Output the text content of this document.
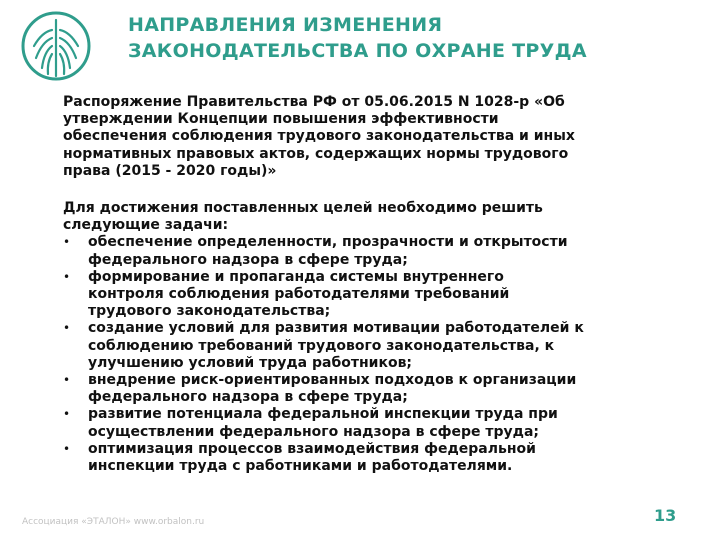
НАПРАВЛЕНИЯ ИЗМЕНЕНИЯ
ЗАКОНОДАТЕЛЬСТВА ПО ОХРАНЕ ТРУДА
Распоряжение Правительства РФ от 05.06.2015 N 1028-р «Об
утверждении Концепции повышения эффективности
обеспечения соблюдения трудового законодательства и иных
нормативных правовых актов, содержащих нормы трудового
права (2015 - 2020 годы)»
Для достижения поставленных целей необходимо решить
следующие задачи:
• обеспечение определенности, прозрачности и открытости
федерального надзора в сфере труда;
• формирование и пропаганда системы внутреннего
контроля соблюдения работодателями требований
трудового законодательства;
• создание условий для развития мотивации работодателей к
соблюдению требований трудового законодательства, к
улучшению условий труда работников;
• внедрение риск-ориентированных подходов к организации
федерального надзора в сфере труда;
• развитие потенциала федеральной инспекции труда при
осуществлении федерального надзора в сфере труда;
• оптимизация процессов взаимодействия федеральной
инспекции труда с работниками и работодателями.
Ассоциация «ЭТАЛОН» www.orbalon.ru	13
